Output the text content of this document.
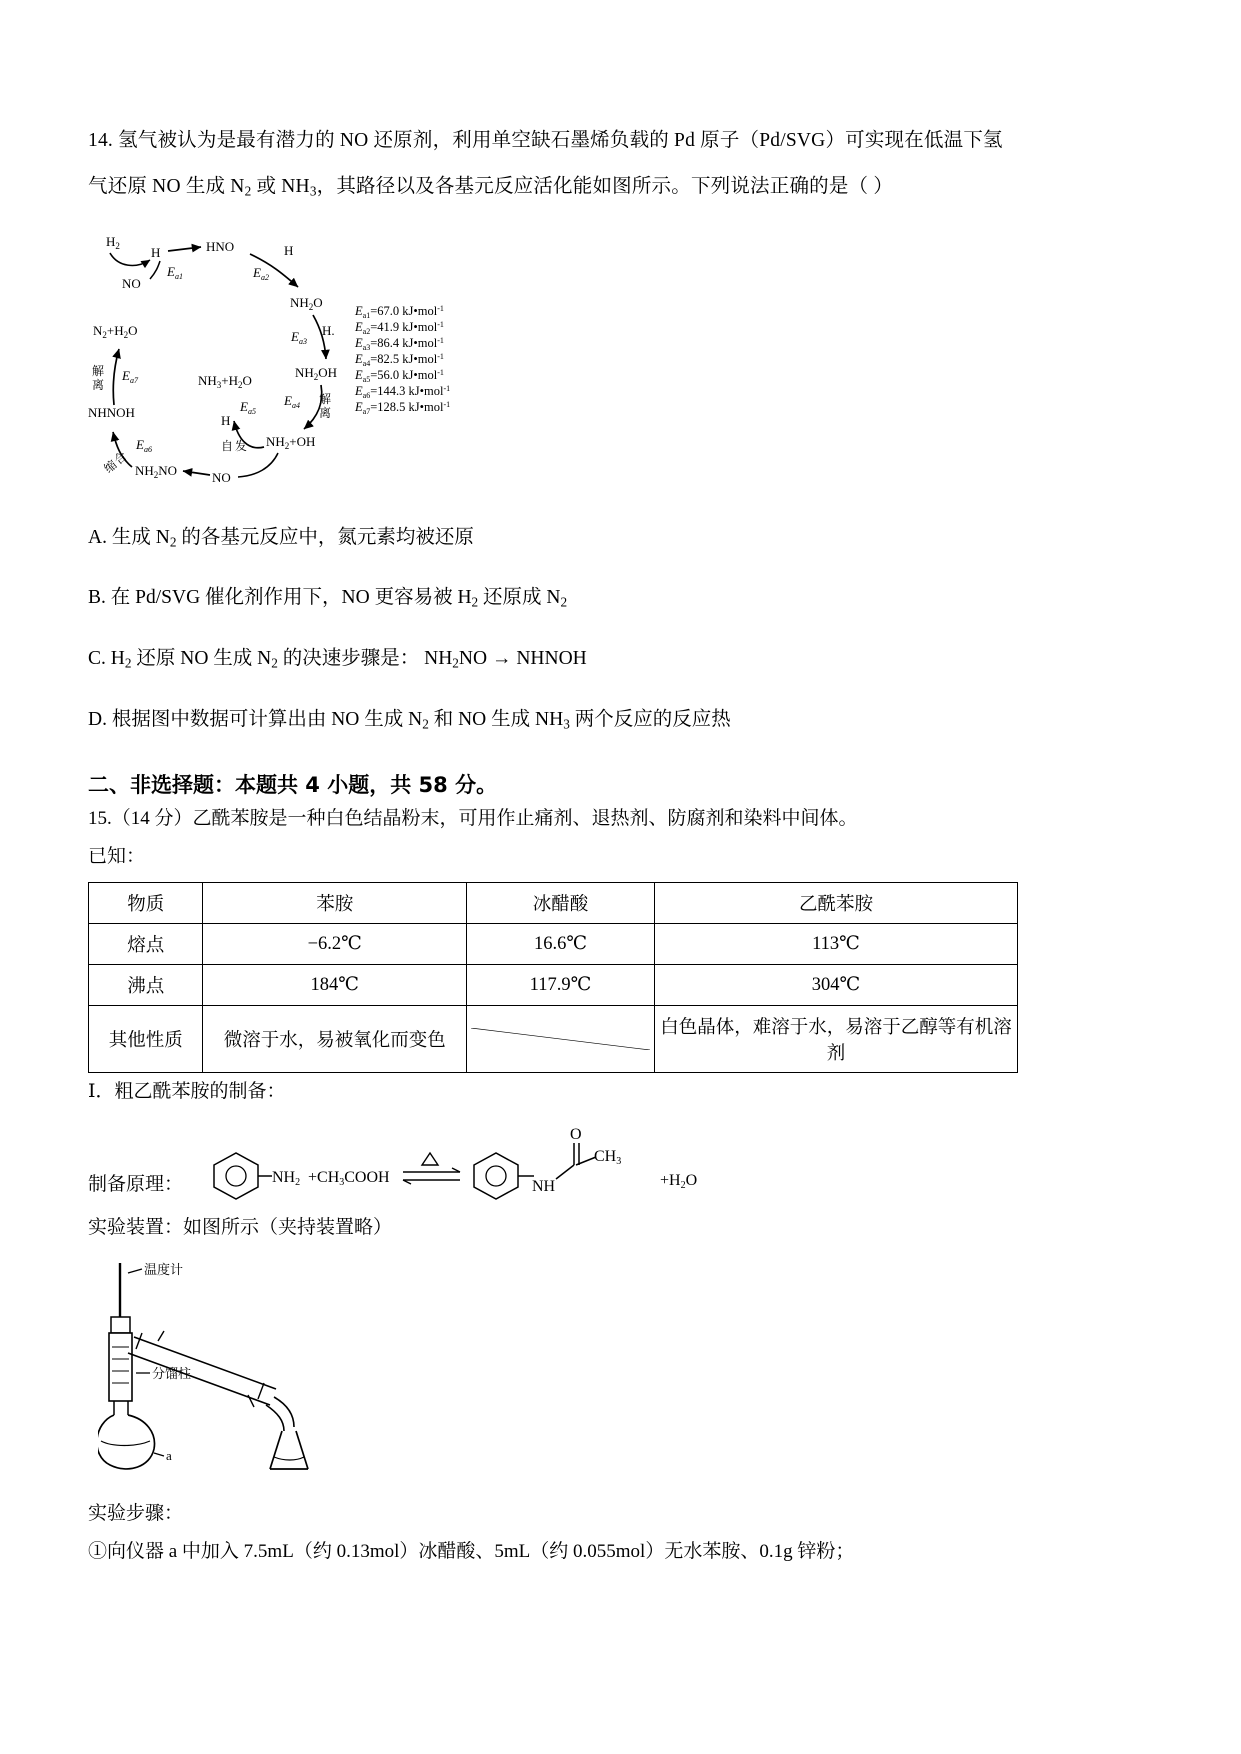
14. 氢气被认为是最有潜力的 NO 还原剂，利用单空缺石墨烯负载的 Pd 原子（Pd/SVG）可实现在低温下氢
气还原 NO 生成 $N_2$ 或 $NH_3$，其路径以及各基元反应活化能如图所示。下列说法正确的是（ ）
$H_2$ H
NO
$E_{a1}$
HNO	H
$E_{a2}$
$NH_2O$
$E_{a3}$
H.
$NH_2OH$
$E_{a4}$ 解
离
$NH_2+OH$
$E_{a5}$
H
$NH_3+H_2O$
自 发
NO
$NH_2NO$
$E_{a6}$
缩
合
NHNOH
$E_{a7}$
解
离
$N_2+H_2O$
$E_{a1}=67.0$ kJ•mol$^{-1}$
$E_{a2}=41.9$ kJ•mol$^{-1}$
$E_{a3}=86.4$ kJ•mol$^{-1}$
$E_{a4}=82.5$ kJ•mol$^{-1}$
$E_{a5}=56.0$ kJ•mol$^{-1}$
$E_{a6}=144.3$ kJ•mol$^{-1}$
$E_{a7}=128.5$ kJ•mol$^{-1}$
A. 生成 $N_2$ 的各基元反应中，氮元素均被还原
B. 在 Pd/SVG 催化剂作用下，NO 更容易被 $H_2$ 还原成 $N_2$
C. $H_2$ 还原 NO 生成 $N_2$ 的决速步骤是： $NH_2NO$ → NHNOH
D. 根据图中数据可计算出由 NO 生成 $N_2$ 和 NO 生成 $NH_3$ 两个反应的反应热
二、非选择题：本题共 4 小题，共 58 分。
15.（14 分）乙酰苯胺是一种白色结晶粉末，可用作止痛剂、退热剂、防腐剂和染料中间体。
已知：
物质	苯胺	冰醋酸	乙酰苯胺
熔点	−6.2℃	16.6℃	113℃
沸点	184℃	117.9℃	304℃
其他性质	微溶于水，易被氧化而变色		白色晶体，难溶于水，易溶于乙醇等有机溶剂
Ⅰ．粗乙酰苯胺的制备：
制备原理：	NH2 +CH3COOH
NH
O
CH3
+H2O
实验装置：如图所示（夹持装置略）
温度计
分馏柱
a
实验步骤：
①向仪器 a 中加入 7.5mL（约 0.13mol）冰醋酸、5mL（约 0.055mol）无水苯胺、0.1g 锌粉；
